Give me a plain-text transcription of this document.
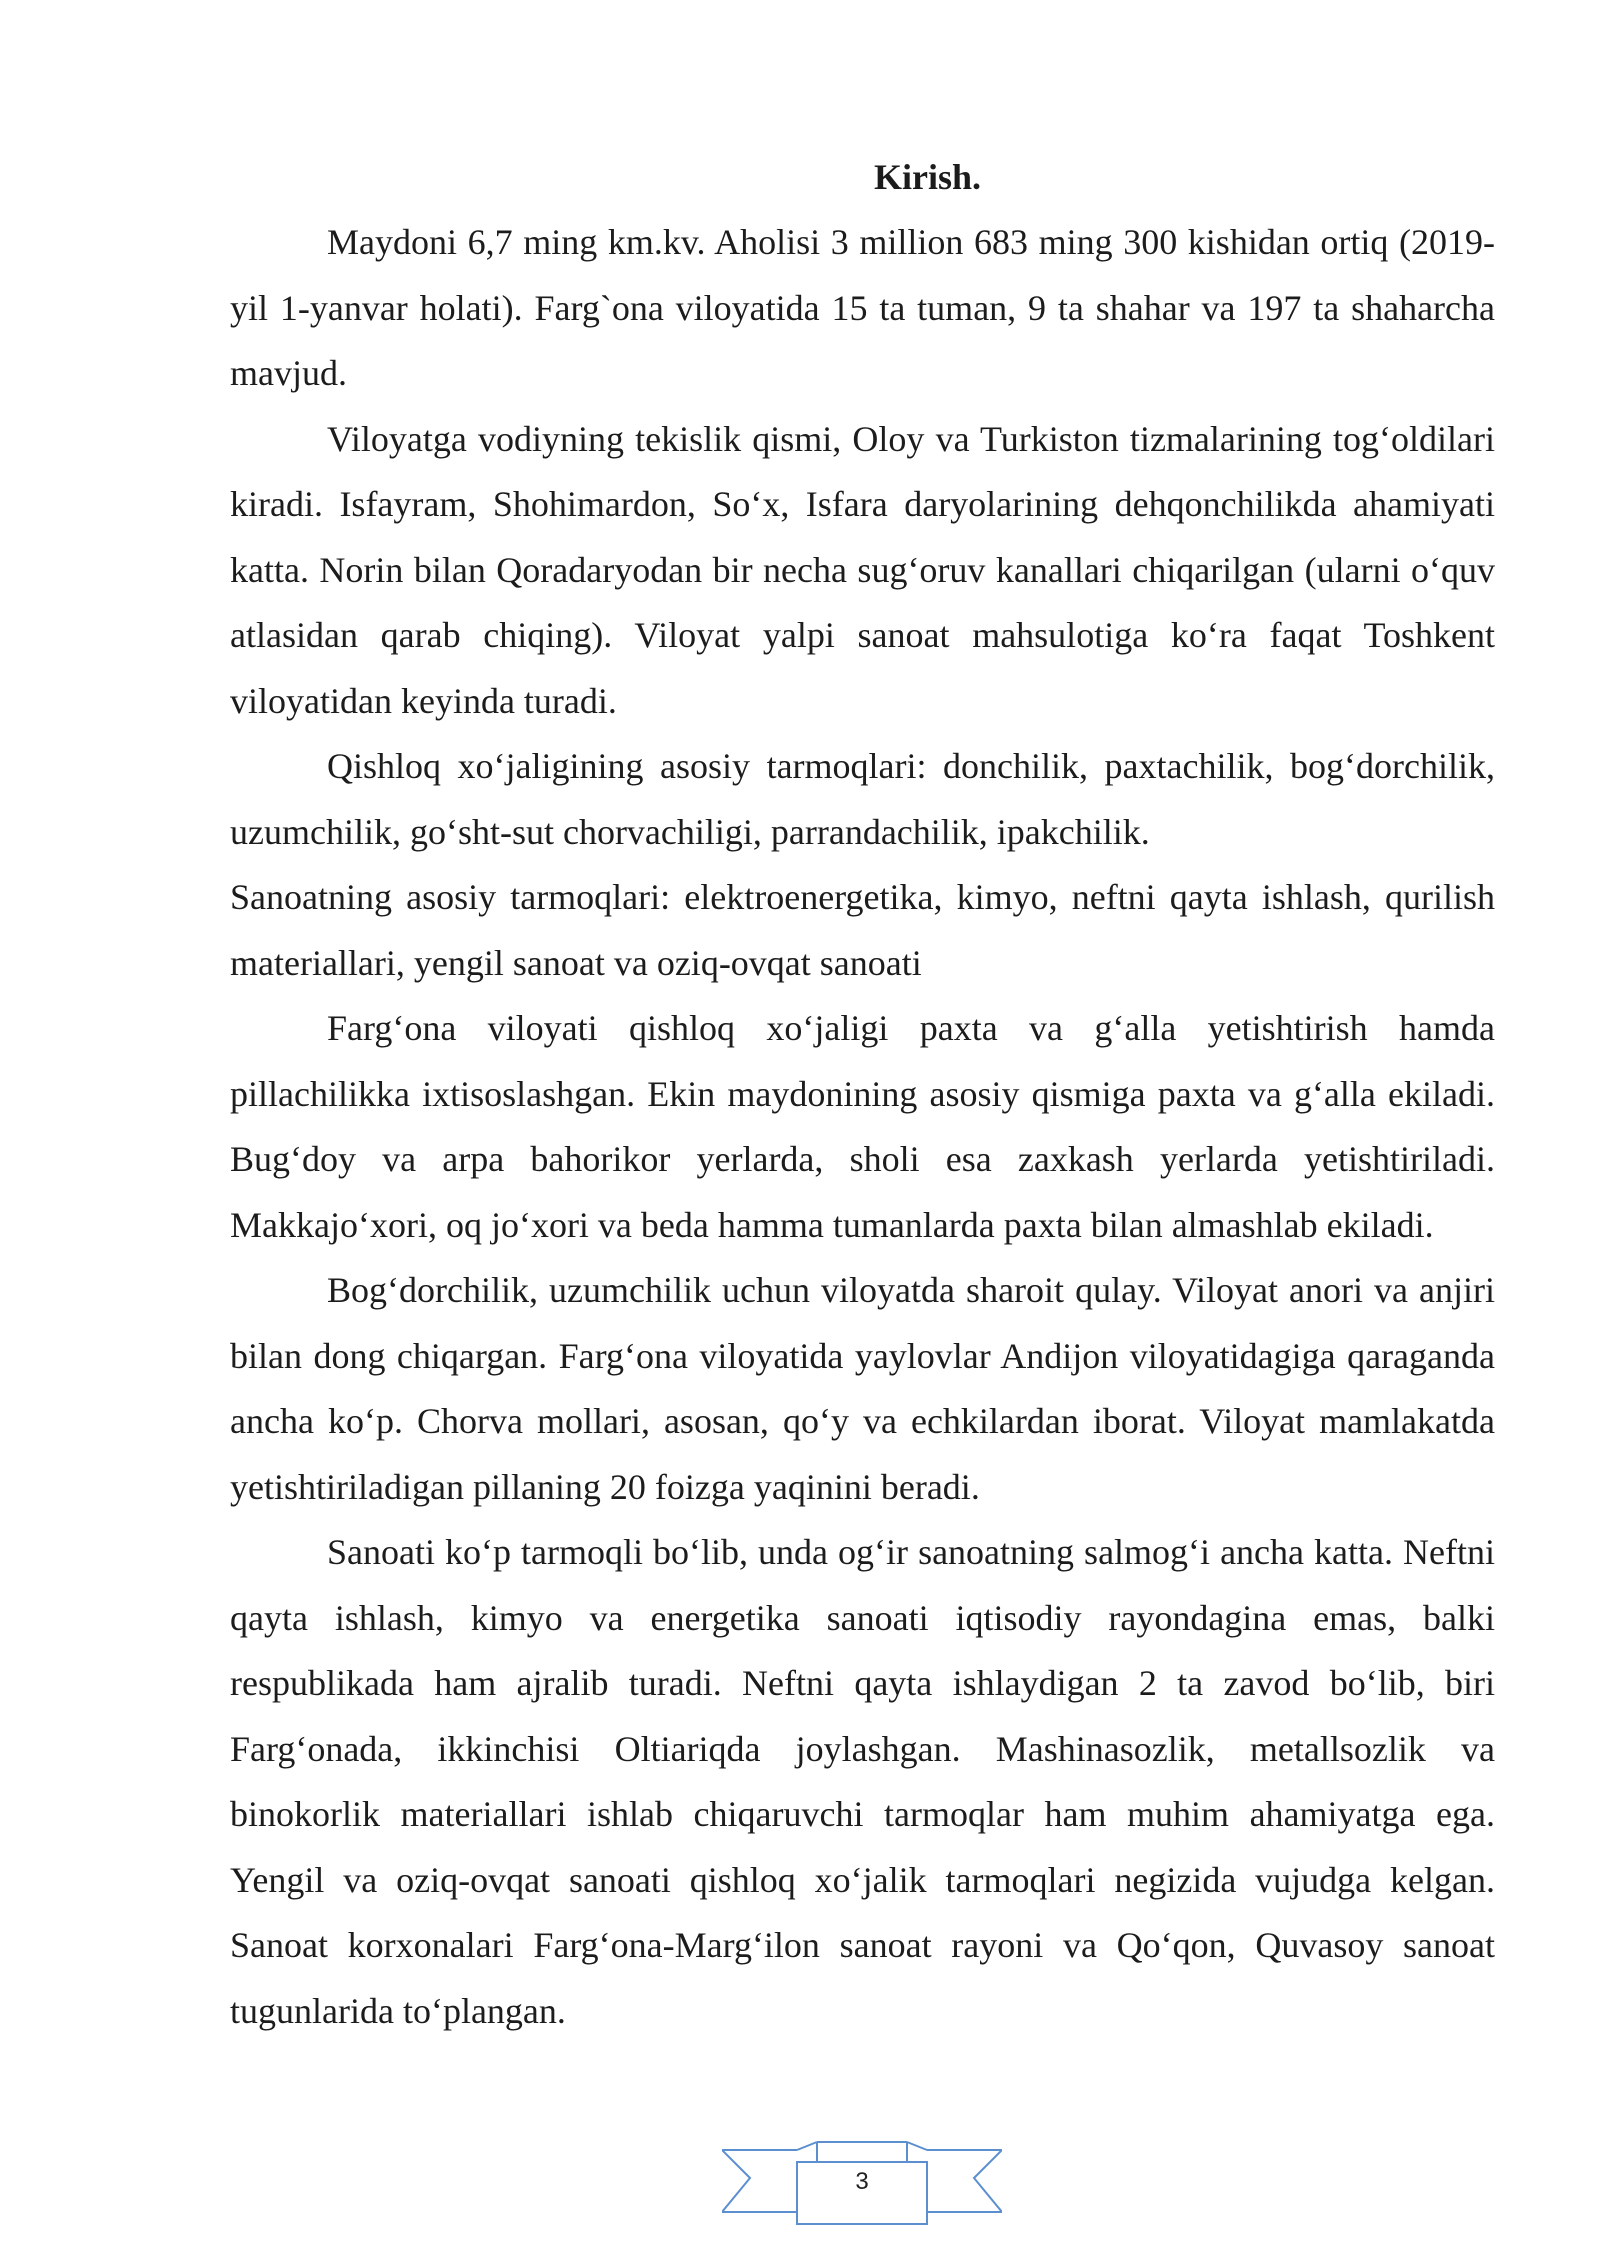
Kirish.

Maydoni 6,7 ming km.kv. Aholisi 3 million 683 ming 300 kishidan ortiq (2019-yil 1-yanvar holati). Farg`ona viloyatida 15 ta tuman, 9 ta shahar va 197 ta shaharcha mavjud.

Viloyatga vodiyning tekislik qismi, Oloy va Turkiston tizmalarining tog‘oldilari kiradi. Isfayram, Shohimardon, So‘x, Isfara daryolarining dehqonchilikda ahamiyati katta. Norin bilan Qoradaryodan bir necha sug‘oruv kanallari chiqarilgan (ularni o‘quv atlasidan qarab chiqing). Viloyat yalpi sanoat mahsulotiga ko‘ra faqat Toshkent viloyatidan keyinda turadi.

Qishloq xo‘jaligining asosiy tarmoqlari: donchilik, paxtachilik, bog‘dorchilik, uzumchilik, go‘sht-sut chorvachiligi, parrandachilik, ipakchilik.

Sanoatning asosiy tarmoqlari: elektroenergetika, kimyo, neftni qayta ishlash, qurilish materiallari, yengil sanoat va oziq-ovqat sanoati

Farg‘ona viloyati qishloq xo‘jaligi paxta va g‘alla yetishtirish hamda pillachilikka ixtisoslashgan. Ekin maydonining asosiy qismiga paxta va g‘alla ekiladi. Bug‘doy va arpa bahorikor yerlarda, sholi esa zaxkash yerlarda yetishtiriladi. Makkajo‘xori, oq jo‘xori va beda hamma tumanlarda paxta bilan almashlab ekiladi.

Bog‘dorchilik, uzumchilik uchun viloyatda sharoit qulay. Viloyat anori va anjiri bilan dong chiqargan. Farg‘ona viloyatida yaylovlar Andijon viloyatidagiga qaraganda ancha ko‘p. Chorva mollari, asosan, qo‘y va echkilardan iborat. Viloyat mamlakatda yetishtiriladigan pillaning 20 foizga yaqinini beradi.

Sanoati ko‘p tarmoqli bo‘lib, unda og‘ir sanoatning salmog‘i ancha katta. Neftni qayta ishlash, kimyo va energetika sanoati iqtisodiy rayondagina emas, balki respublikada ham ajralib turadi. Neftni qayta ishlaydigan 2 ta zavod bo‘lib, biri Farg‘onada, ikkinchisi Oltiariqda joylashgan. Mashinasozlik, metallsozlik va binokorlik materiallari ishlab chiqaruvchi tarmoqlar ham muhim ahamiyatga ega. Yengil va oziq-ovqat sanoati qishloq xo‘jalik tarmoqlari negizida vujudga kelgan. Sanoat korxonalari Farg‘ona-Marg‘ilon sanoat rayoni va Qo‘qon, Quvasoy sanoat tugunlarida to‘plangan.

3
